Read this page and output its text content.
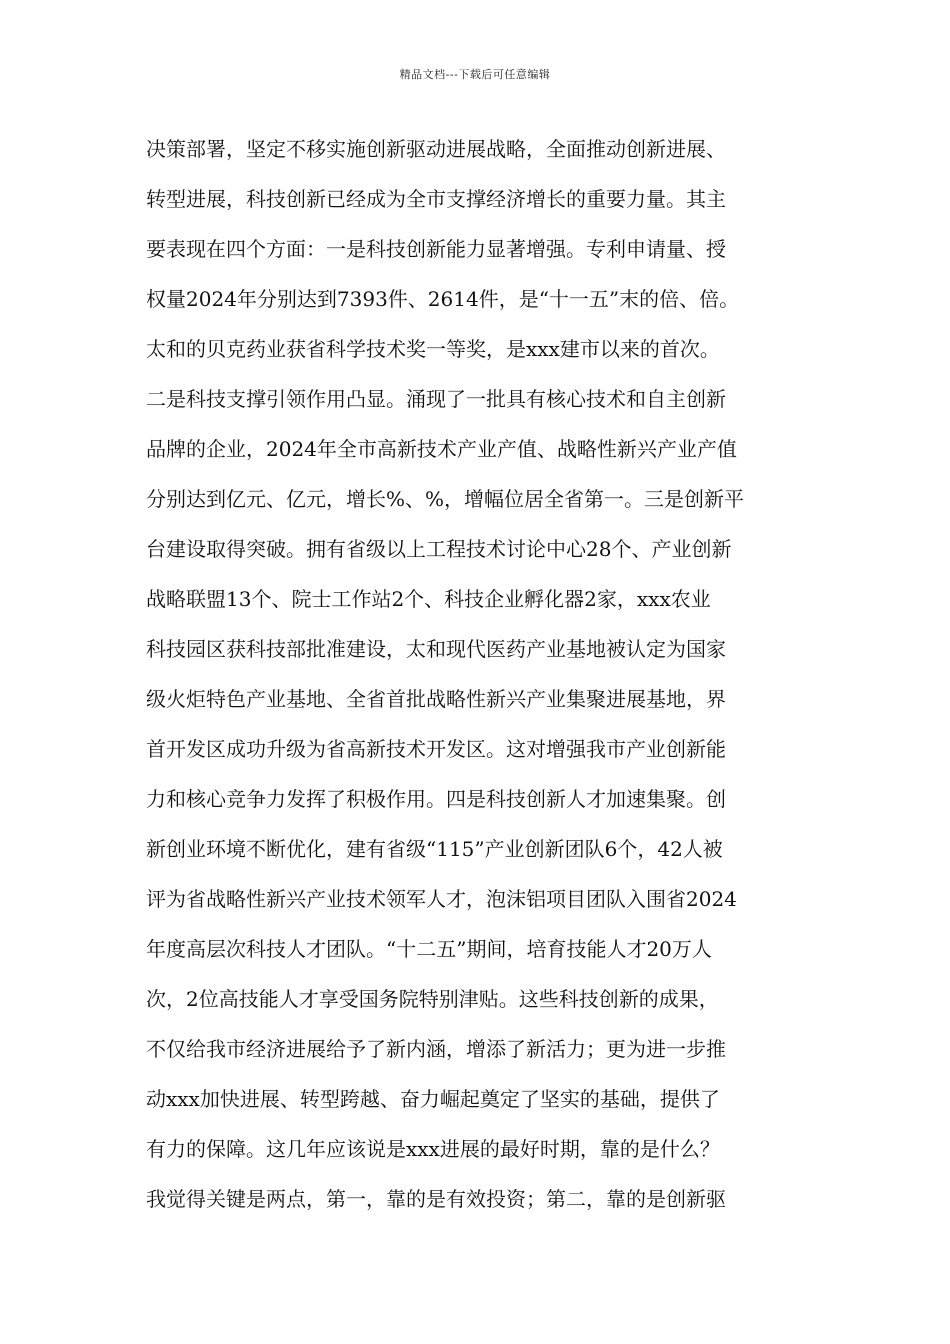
精品文档---下载后可任意编辑
决策部署，坚定不移实施创新驱动进展战略，全面推动创新进展、
转型进展，科技创新已经成为全市支撑经济增长的重要力量。其主
要表现在四个方面：一是科技创新能力显著增强。专利申请量、授
权量2024年分别达到7393件、2614件，是“十一五”末的倍、倍。
太和的贝克药业获省科学技术奖一等奖，是xxx建市以来的首次。
二是科技支撑引领作用凸显。涌现了一批具有核心技术和自主创新
品牌的企业，2024年全市高新技术产业产值、战略性新兴产业产值
分别达到亿元、亿元，增长%、%，增幅位居全省第一。三是创新平
台建设取得突破。拥有省级以上工程技术讨论中心28个、产业创新
战略联盟13个、院士工作站2个、科技企业孵化器2家，xxx农业
科技园区获科技部批准建设，太和现代医药产业基地被认定为国家
级火炬特色产业基地、全省首批战略性新兴产业集聚进展基地，界
首开发区成功升级为省高新技术开发区。这对增强我市产业创新能
力和核心竞争力发挥了积极作用。四是科技创新人才加速集聚。创
新创业环境不断优化，建有省级“115”产业创新团队6个，42人被
评为省战略性新兴产业技术领军人才，泡沫铝项目团队入围省2024
年度高层次科技人才团队。“十二五”期间，培育技能人才20万人
次，2位高技能人才享受国务院特别津贴。这些科技创新的成果，
不仅给我市经济进展给予了新内涵，增添了新活力；更为进一步推
动xxx加快进展、转型跨越、奋力崛起奠定了坚实的基础，提供了
有力的保障。这几年应该说是xxx进展的最好时期，靠的是什么？
我觉得关键是两点，第一，靠的是有效投资；第二，靠的是创新驱
